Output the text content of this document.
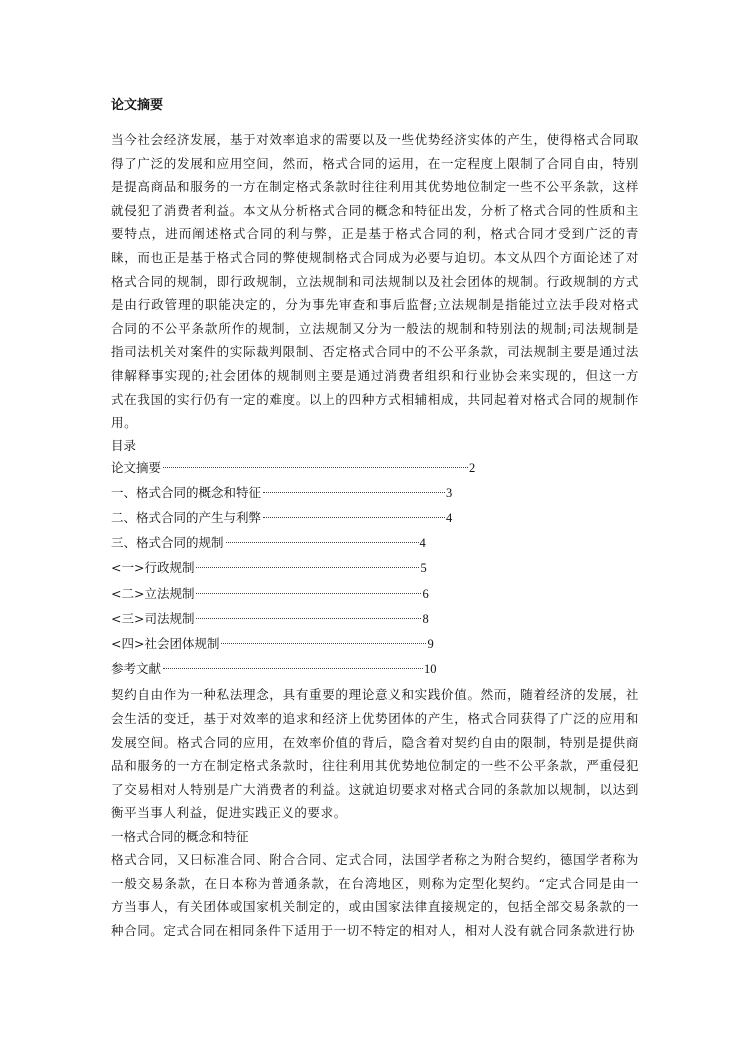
论文摘要

当今社会经济发展，基于对效率追求的需要以及一些优势经济实体的产生，使得格式合同取得了广泛的发展和应用空间，然而，格式合同的运用，在一定程度上限制了合同自由，特别是提高商品和服务的一方在制定格式条款时往往利用其优势地位制定一些不公平条款，这样就侵犯了消费者利益。本文从分析格式合同的概念和特征出发，分析了格式合同的性质和主要特点，进而阐述格式合同的利与弊，正是基于格式合同的利，格式合同才受到广泛的青睐，而也正是基于格式合同的弊使规制格式合同成为必要与迫切。本文从四个方面论述了对格式合同的规制，即行政规制，立法规制和司法规制以及社会团体的规制。行政规制的方式是由行政管理的职能决定的，分为事先审查和事后监督;立法规制是指能过立法手段对格式合同的不公平条款所作的规制，立法规制又分为一般法的规制和特别法的规制;司法规制是指司法机关对案件的实际裁判限制、否定格式合同中的不公平条款，司法规制主要是通过法律解释事实现的;社会团体的规制则主要是通过消费者组织和行业协会来实现的，但这一方式在我国的实行仍有一定的难度。以上的四种方式相辅相成，共同起着对格式合同的规制作用。

目录

论文摘要	2
一、格式合同的概念和特征	3
二、格式合同的产生与利弊	4
三、格式合同的规制	4
<一>行政规制	5
<二>立法规制	6
<三>司法规制	8
<四>社会团体规制	9
参考文献	10

契约自由作为一种私法理念，具有重要的理论意义和实践价值。然而，随着经济的发展，社会生活的变迁，基于对效率的追求和经济上优势团体的产生，格式合同获得了广泛的应用和发展空间。格式合同的应用，在效率价值的背后，隐含着对契约自由的限制，特别是提供商品和服务的一方在制定格式条款时，往往利用其优势地位制定的一些不公平条款，严重侵犯了交易相对人特别是广大消费者的利益。这就迫切要求对格式合同的条款加以规制，以达到衡平当事人利益，促进实践正义的要求。

一格式合同的概念和特征

格式合同，又曰标准合同、附合合同、定式合同，法国学者称之为附合契约，德国学者称为一般交易条款，在日本称为普通条款，在台湾地区，则称为定型化契约。“定式合同是由一方当事人，有关团体或国家机关制定的，或由国家法律直接规定的，包括全部交易条款的一种合同。定式合同在相同条件下适用于一切不特定的相对人，相对人没有就合同条款进行协
